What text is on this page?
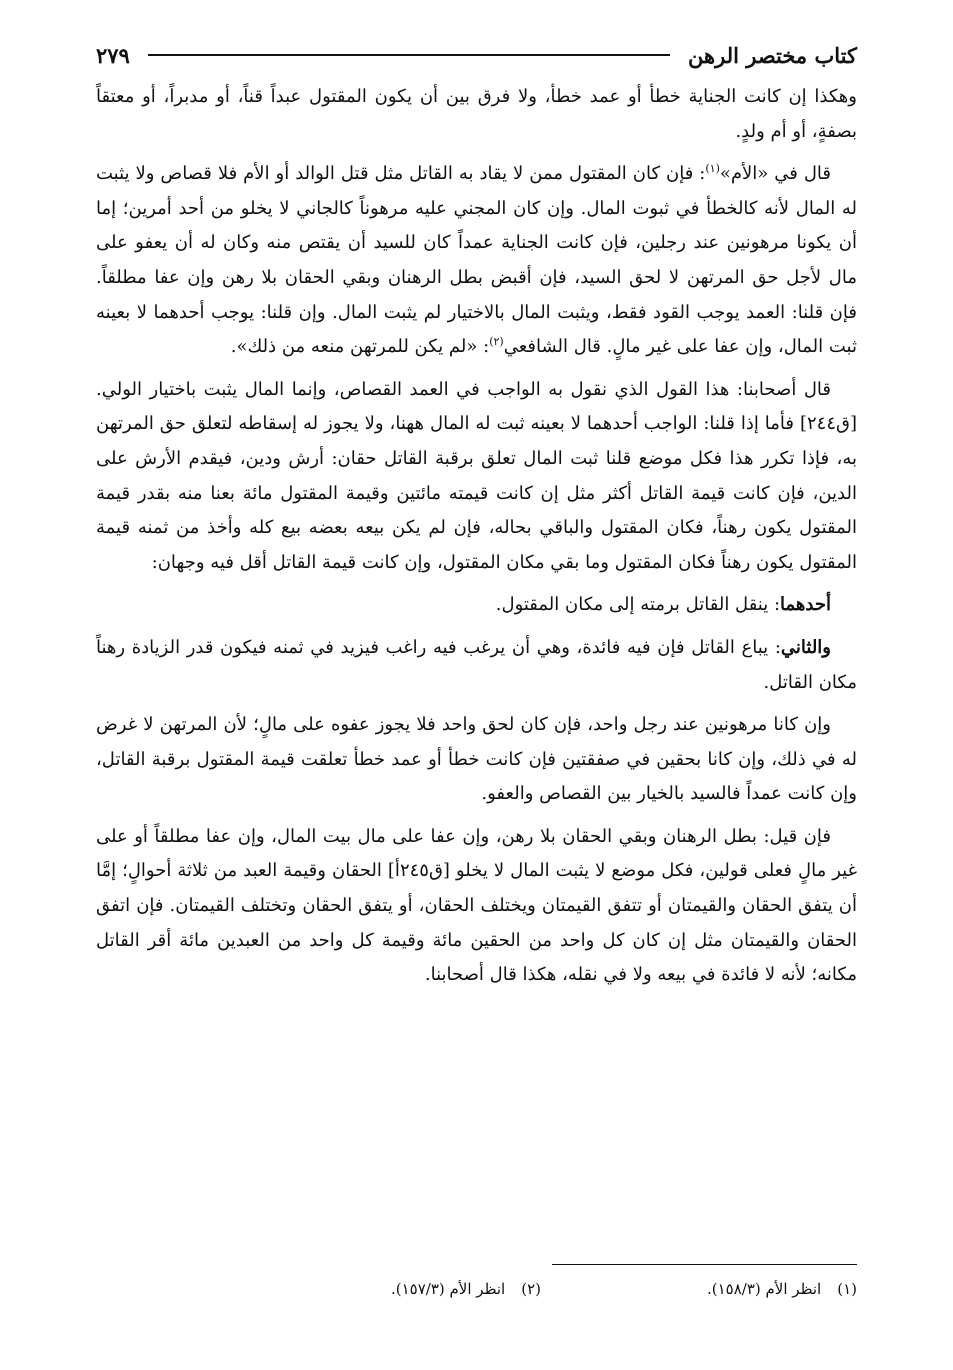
كتاب مختصر الرهن
٢٧٩

وهكذا إن كانت الجناية خطأ أو عمد خطأ، ولا فرق بين أن يكون المقتول عبداً قناً، أو مدبراً، أو معتقاً بصفةٍ، أو أم ولدٍ.

قال في «الأم»$^{(١)}$: فإن كان المقتول ممن لا يقاد به القاتل مثل قتل الوالد أو الأم فلا قصاص ولا يثبت له المال لأنه كالخطأ في ثبوت المال. وإن كان المجني عليه مرهوناً كالجاني لا يخلو من أحد أمرين؛ إما أن يكونا مرهونين عند رجلين، فإن كانت الجناية عمداً كان للسيد أن يقتص منه وكان له أن يعفو على مال لأجل حق المرتهن لا لحق السيد، فإن أقبض بطل الرهنان وبقي الحقان بلا رهن وإن عفا مطلقاً. فإن قلنا: العمد يوجب القود فقط، ويثبت المال بالاختيار لم يثبت المال. وإن قلنا: يوجب أحدهما لا بعينه ثبت المال، وإن عفا على غير مالٍ. قال الشافعي$^{(٢)}$: «لم يكن للمرتهن منعه من ذلك».

قال أصحابنا: هذا القول الذي نقول به الواجب في العمد القصاص، وإنما المال يثبت باختيار الولي. [ق٢٤٤] فأما إذا قلنا: الواجب أحدهما لا بعينه ثبت له المال ههنا، ولا يجوز له إسقاطه لتعلق حق المرتهن به، فإذا تكرر هذا فكل موضع قلنا ثبت المال تعلق برقبة القاتل حقان: أرش ودين، فيقدم الأرش على الدين، فإن كانت قيمة القاتل أكثر مثل إن كانت قيمته مائتين وقيمة المقتول مائة بعنا منه بقدر قيمة المقتول يكون رهناً، فكان المقتول والباقي بحاله، فإن لم يكن بيعه بعضه بيع كله وأخذ من ثمنه قيمة المقتول يكون رهناً فكان المقتول وما بقي مكان المقتول، وإن كانت قيمة القاتل أقل فيه وجهان:

أحدهما: ينقل القاتل برمته إلى مكان المقتول.

والثاني: يباع القاتل فإن فيه فائدة، وهي أن يرغب فيه راغب فيزيد في ثمنه فيكون قدر الزيادة رهناً مكان القاتل.

وإن كانا مرهونين عند رجل واحد، فإن كان لحق واحد فلا يجوز عفوه على مالٍ؛ لأن المرتهن لا غرض له في ذلك، وإن كانا بحقين في صفقتين فإن كانت خطأ أو عمد خطأ تعلقت قيمة المقتول برقبة القاتل، وإن كانت عمداً فالسيد بالخيار بين القصاص والعفو.

فإن قيل: بطل الرهنان وبقي الحقان بلا رهن، وإن عفا على مال بيت المال، وإن عفا مطلقاً أو على غير مالٍ فعلى قولين، فكل موضع لا يثبت المال لا يخلو [ق٢٤٥أ] الحقان وقيمة العبد من ثلاثة أحوالٍ؛ إمَّا أن يتفق الحقان والقيمتان أو تتفق القيمتان ويختلف الحقان، أو يتفق الحقان وتختلف القيمتان. فإن اتفق الحقان والقيمتان مثل إن كان كل واحد من الحقين مائة وقيمة كل واحد من العبدين مائة أقر القاتل مكانه؛ لأنه لا فائدة في بيعه ولا في نقله، هكذا قال أصحابنا.

(١)انظر الأم (١٥٨/٣).
(٢)انظر الأم (١٥٧/٣).
